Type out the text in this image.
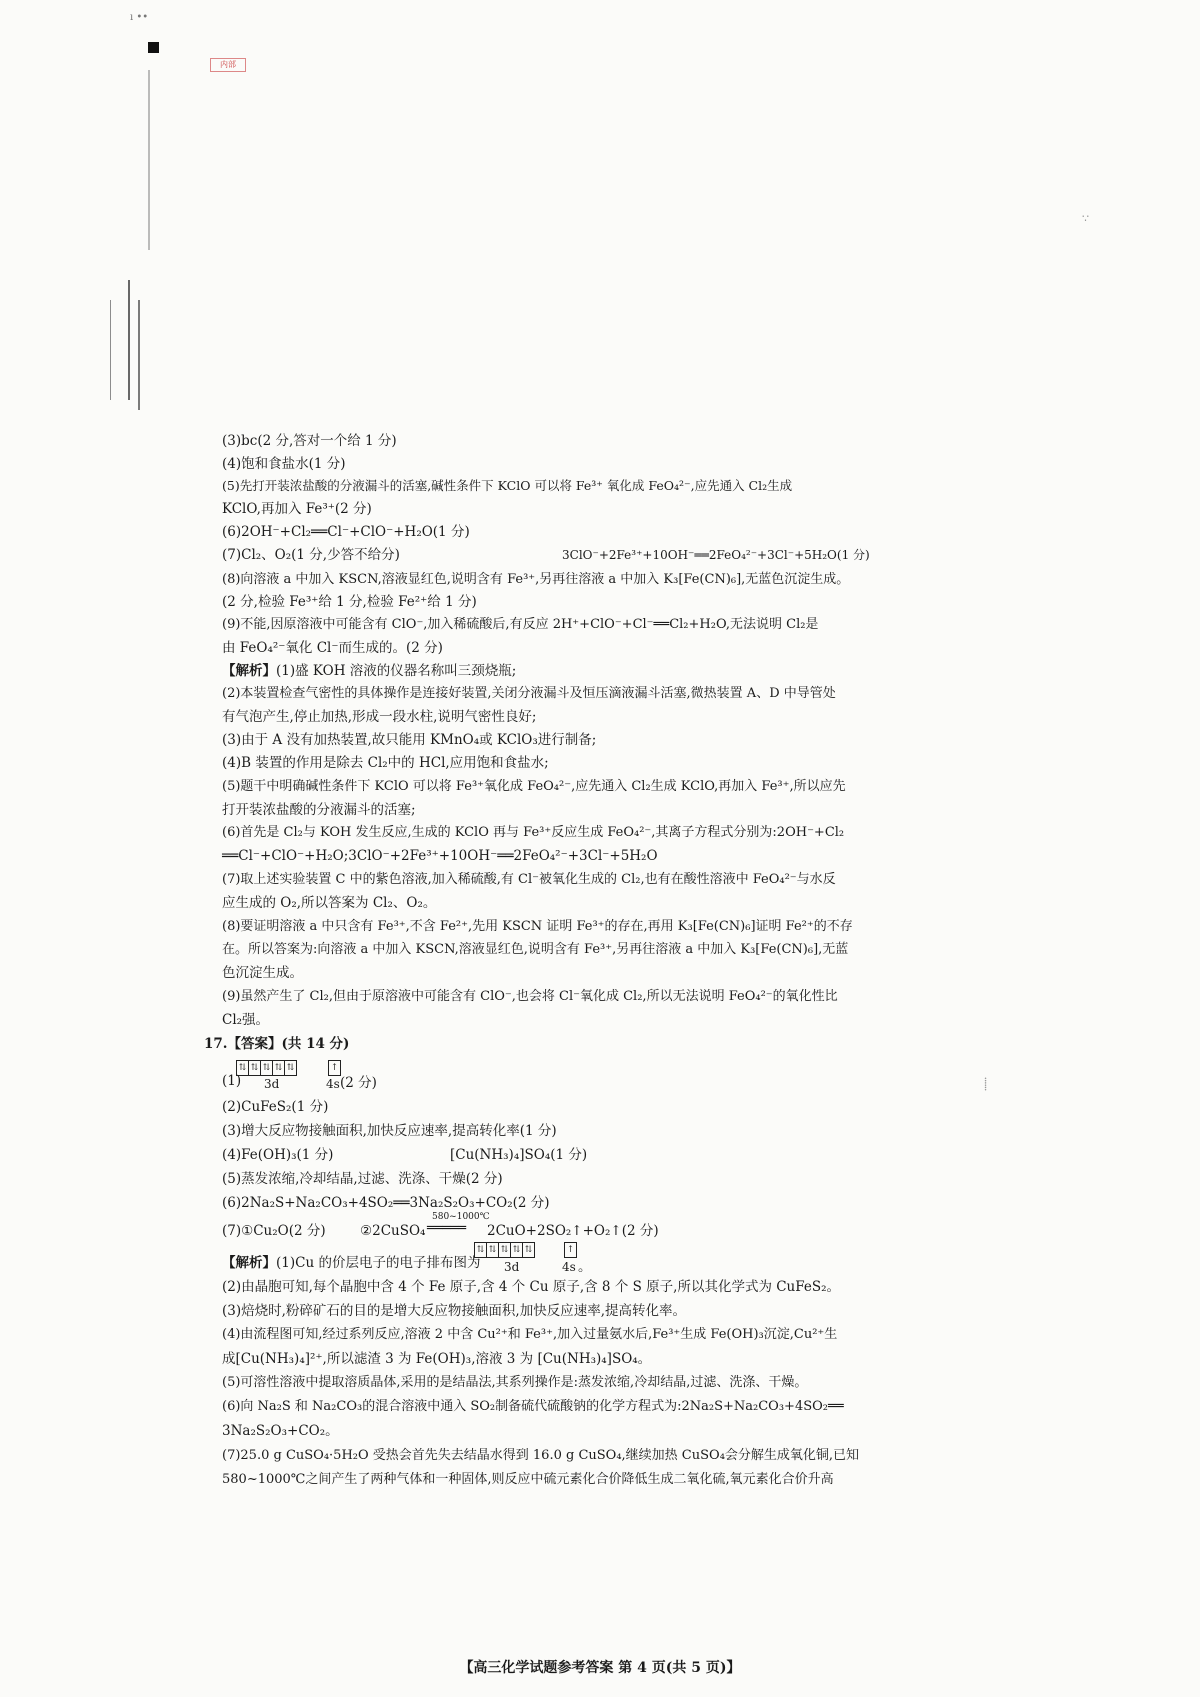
ı ••
内部
∵
⸽
(3)bc(2 分,答对一个给 1 分)
(4)饱和食盐水(1 分)
(5)先打开装浓盐酸的分液漏斗的活塞,碱性条件下 KClO 可以将 Fe³⁺ 氧化成 FeO₄²⁻,应先通入 Cl₂生成
KClO,再加入 Fe³⁺(2 分)
(6)2OH⁻+Cl₂══Cl⁻+ClO⁻+H₂O(1 分)
(7)Cl₂、O₂(1 分,少答不给分)	3ClO⁻+2Fe³⁺+10OH⁻══2FeO₄²⁻+3Cl⁻+5H₂O(1 分)
(8)向溶液 a 中加入 KSCN,溶液显红色,说明含有 Fe³⁺,另再往溶液 a 中加入 K₃[Fe(CN)₆],无蓝色沉淀生成。
(2 分,检验 Fe³⁺给 1 分,检验 Fe²⁺给 1 分)
(9)不能,因原溶液中可能含有 ClO⁻,加入稀硫酸后,有反应 2H⁺+ClO⁻+Cl⁻══Cl₂+H₂O,无法说明 Cl₂是
由 FeO₄²⁻氧化 Cl⁻而生成的。(2 分)
【解析】(1)盛 KOH 溶液的仪器名称叫三颈烧瓶;
(2)本装置检查气密性的具体操作是连接好装置,关闭分液漏斗及恒压滴液漏斗活塞,微热装置 A、D 中导管处
有气泡产生,停止加热,形成一段水柱,说明气密性良好;
(3)由于 A 没有加热装置,故只能用 KMnO₄或 KClO₃进行制备;
(4)B 装置的作用是除去 Cl₂中的 HCl,应用饱和食盐水;
(5)题干中明确碱性条件下 KClO 可以将 Fe³⁺氧化成 FeO₄²⁻,应先通入 Cl₂生成 KClO,再加入 Fe³⁺,所以应先
打开装浓盐酸的分液漏斗的活塞;
(6)首先是 Cl₂与 KOH 发生反应,生成的 KClO 再与 Fe³⁺反应生成 FeO₄²⁻,其离子方程式分别为:2OH⁻+Cl₂
══Cl⁻+ClO⁻+H₂O;3ClO⁻+2Fe³⁺+10OH⁻══2FeO₄²⁻+3Cl⁻+5H₂O
(7)取上述实验装置 C 中的紫色溶液,加入稀硫酸,有 Cl⁻被氧化生成的 Cl₂,也有在酸性溶液中 FeO₄²⁻与水反
应生成的 O₂,所以答案为 Cl₂、O₂。
(8)要证明溶液 a 中只含有 Fe³⁺,不含 Fe²⁺,先用 KSCN 证明 Fe³⁺的存在,再用 K₃[Fe(CN)₆]证明 Fe²⁺的不存
在。所以答案为:向溶液 a 中加入 KSCN,溶液显红色,说明含有 Fe³⁺,另再往溶液 a 中加入 K₃[Fe(CN)₆],无蓝
色沉淀生成。
(9)虽然产生了 Cl₂,但由于原溶液中可能含有 ClO⁻,也会将 Cl⁻氧化成 Cl₂,所以无法说明 FeO₄²⁻的氧化性比
Cl₂强。
17.【答案】(共 14 分)
⇅ ⇅ ⇅ ⇅ ⇅	↑
(1) 3d	4s (2 分)
(2)CuFeS₂(1 分)
(3)增大反应物接触面积,加快反应速率,提高转化率(1 分)
(4)Fe(OH)₃(1 分)	[Cu(NH₃)₄]SO₄(1 分)
(5)蒸发浓缩,冷却结晶,过滤、洗涤、干燥(2 分)
(6)2Na₂S+Na₂CO₃+4SO₂══3Na₂S₂O₃+CO₂(2 分)
(7)①Cu₂O(2 分)	②2CuSO₄
580~1000℃
═════ 2CuO+2SO₂↑+O₂↑(2 分)
【解析】(1)Cu 的价层电子的电子排布图为
⇅ ⇅ ⇅ ⇅ ⇅	↑
3d	4s 。
(2)由晶胞可知,每个晶胞中含 4 个 Fe 原子,含 4 个 Cu 原子,含 8 个 S 原子,所以其化学式为 CuFeS₂。
(3)焙烧时,粉碎矿石的目的是增大反应物接触面积,加快反应速率,提高转化率。
(4)由流程图可知,经过系列反应,溶液 2 中含 Cu²⁺和 Fe³⁺,加入过量氨水后,Fe³⁺生成 Fe(OH)₃沉淀,Cu²⁺生
成[Cu(NH₃)₄]²⁺,所以滤渣 3 为 Fe(OH)₃,溶液 3 为 [Cu(NH₃)₄]SO₄。
(5)可溶性溶液中提取溶质晶体,采用的是结晶法,其系列操作是:蒸发浓缩,冷却结晶,过滤、洗涤、干燥。
(6)向 Na₂S 和 Na₂CO₃的混合溶液中通入 SO₂制备硫代硫酸钠的化学方程式为:2Na₂S+Na₂CO₃+4SO₂══
3Na₂S₂O₃+CO₂。
(7)25.0 g CuSO₄·5H₂O 受热会首先失去结晶水得到 16.0 g CuSO₄,继续加热 CuSO₄会分解生成氧化铜,已知
580~1000℃之间产生了两种气体和一种固体,则反应中硫元素化合价降低生成二氧化硫,氧元素化合价升高
【高三化学试题参考答案 第 4 页(共 5 页)】
